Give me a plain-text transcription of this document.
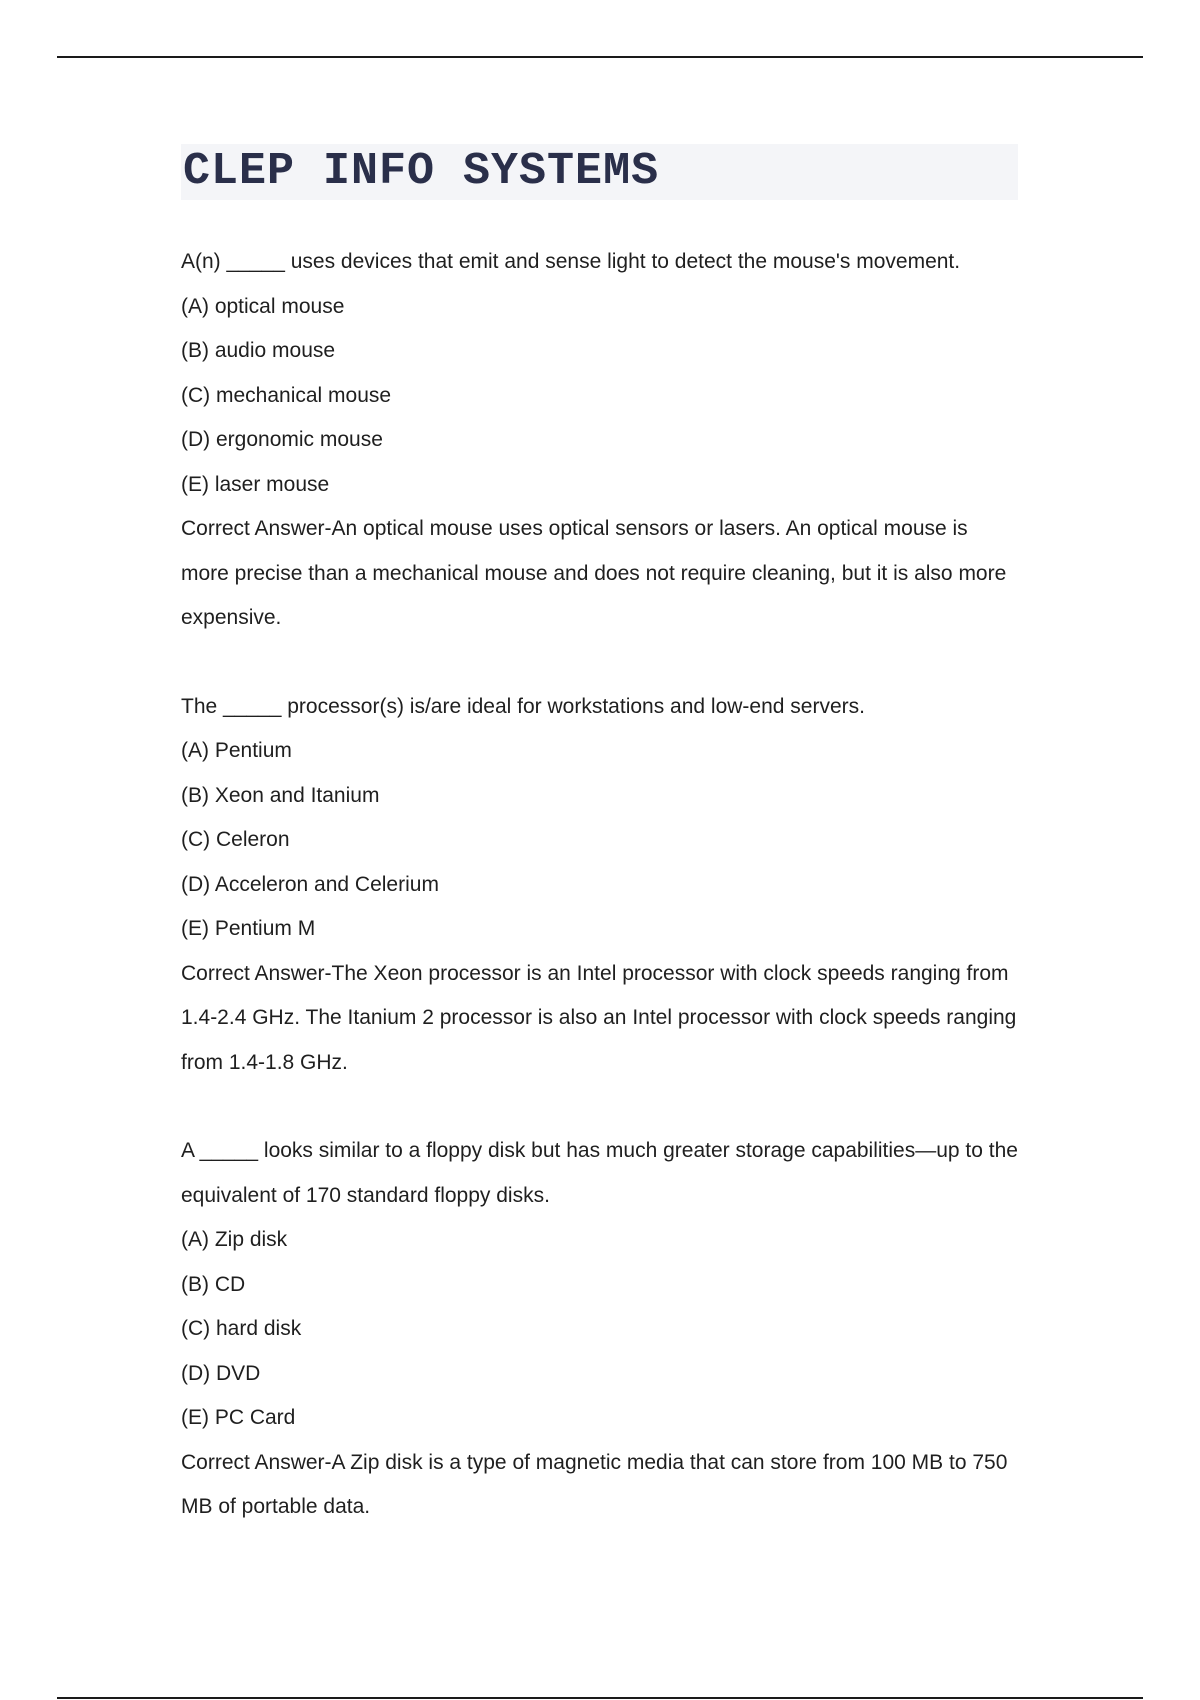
CLEP INFO SYSTEMS

A(n) _____ uses devices that emit and sense light to detect the mouse's movement.

(A) optical mouse

(B) audio mouse

(C) mechanical mouse

(D) ergonomic mouse

(E) laser mouse

Correct Answer-An optical mouse uses optical sensors or lasers. An optical mouse is more precise than a mechanical mouse and does not require cleaning, but it is also more expensive.

The _____ processor(s) is/are ideal for workstations and low-end servers.

(A) Pentium

(B) Xeon and Itanium

(C) Celeron

(D) Acceleron and Celerium

(E) Pentium M

Correct Answer-The Xeon processor is an Intel processor with clock speeds ranging from 1.4-2.4 GHz. The Itanium 2 processor is also an Intel processor with clock speeds ranging from 1.4-1.8 GHz.

A _____ looks similar to a floppy disk but has much greater storage capabilities—up to the equivalent of 170 standard floppy disks.

(A) Zip disk

(B) CD

(C) hard disk

(D) DVD

(E) PC Card

Correct Answer-A Zip disk is a type of magnetic media that can store from 100 MB to 750 MB of portable data.
